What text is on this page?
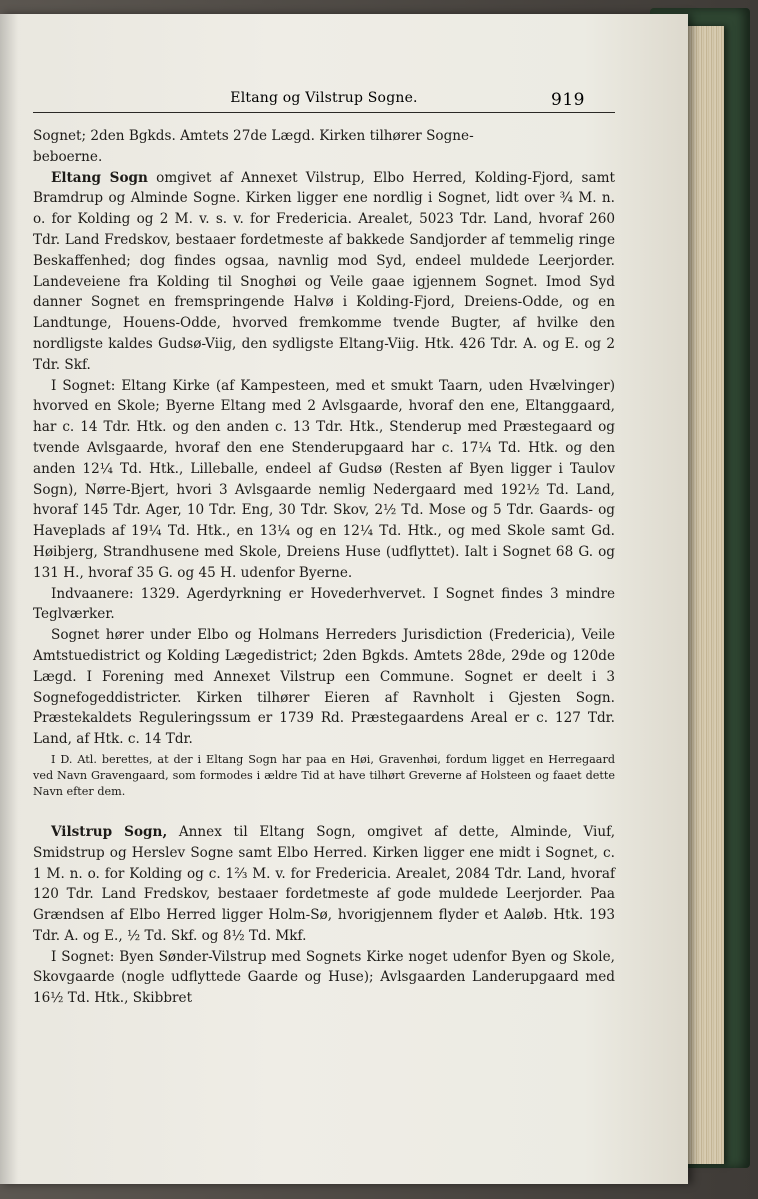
Eltang og Vilstrup Sogne.	919

Sognet; 2den Bgkds. Amtets 27de Lægd. Kirken tilhører Sogne-

beboerne.

Eltang Sogn omgivet af Annexet Vilstrup, Elbo Herred, Kolding-Fjord, samt Bramdrup og Alminde Sogne. Kirken ligger ene nordlig i Sognet, lidt over ¾ M. n. o. for Kolding og 2 M. v. s. v. for Fredericia. Arealet, 5023 Tdr. Land, hvoraf 260 Tdr. Land Fredskov, bestaaer fordetmeste af bakkede Sandjorder af temmelig ringe Beskaffenhed; dog findes ogsaa, navnlig mod Syd, endeel muldede Leerjorder. Landeveiene fra Kolding til Snoghøi og Veile gaae igjennem Sognet. Imod Syd danner Sognet en fremspringende Halvø i Kolding-Fjord, Dreiens-Odde, og en Landtunge, Houens-Odde, hvorved fremkomme tvende Bugter, af hvilke den nordligste kaldes Gudsø-Viig, den sydligste Eltang-Viig. Htk. 426 Tdr. A. og E. og 2 Tdr. Skf.

I Sognet: Eltang Kirke (af Kampesteen, med et smukt Taarn, uden Hvælvinger) hvorved en Skole; Byerne Eltang med 2 Avlsgaarde, hvoraf den ene, Eltanggaard, har c. 14 Tdr. Htk. og den anden c. 13 Tdr. Htk., Stenderup med Præstegaard og tvende Avlsgaarde, hvoraf den ene Stenderupgaard har c. 17¼ Td. Htk. og den anden 12¼ Td. Htk., Lilleballe, endeel af Gudsø (Resten af Byen ligger i Taulov Sogn), Nørre-Bjert, hvori 3 Avlsgaarde nemlig Nedergaard med 192½ Td. Land, hvoraf 145 Tdr. Ager, 10 Tdr. Eng, 30 Tdr. Skov, 2½ Td. Mose og 5 Tdr. Gaards- og Haveplads af 19¼ Td. Htk., en 13¼ og en 12¼ Td. Htk., og med Skole samt Gd. Høibjerg, Strandhusene med Skole, Dreiens Huse (udflyttet). Ialt i Sognet 68 G. og 131 H., hvoraf 35 G. og 45 H. udenfor Byerne.

Indvaanere: 1329. Agerdyrkning er Hovederhvervet. I Sognet findes 3 mindre Teglværker.

Sognet hører under Elbo og Holmans Herreders Jurisdiction (Fredericia), Veile Amtstuedistrict og Kolding Lægedistrict; 2den Bgkds. Amtets 28de, 29de og 120de Lægd. I Forening med Annexet Vilstrup een Commune. Sognet er deelt i 3 Sognefogeddistricter. Kirken tilhører Eieren af Ravnholt i Gjesten Sogn. Præstekaldets Reguleringssum er 1739 Rd. Præstegaardens Areal er c. 127 Tdr. Land, af Htk. c. 14 Tdr.

I D. Atl. berettes, at der i Eltang Sogn har paa en Høi, Gravenhøi, fordum ligget en Herregaard ved Navn Gravengaard, som formodes i ældre Tid at have tilhørt Greverne af Holsteen og faaet dette Navn efter dem.

Vilstrup Sogn, Annex til Eltang Sogn, omgivet af dette, Alminde, Viuf, Smidstrup og Herslev Sogne samt Elbo Herred. Kirken ligger ene midt i Sognet, c. 1 M. n. o. for Kolding og c. 1⅔ M. v. for Fredericia. Arealet, 2084 Tdr. Land, hvoraf 120 Tdr. Land Fredskov, bestaaer fordetmeste af gode muldede Leerjorder. Paa Grændsen af Elbo Herred ligger Holm-Sø, hvorigjennem flyder et Aaløb. Htk. 193 Tdr. A. og E., ½ Td. Skf. og 8½ Td. Mkf.

I Sognet: Byen Sønder-Vilstrup med Sognets Kirke noget udenfor Byen og Skole, Skovgaarde (nogle udflyttede Gaarde og Huse); Avlsgaarden Landerupgaard med 16½ Td. Htk., Skibbret
